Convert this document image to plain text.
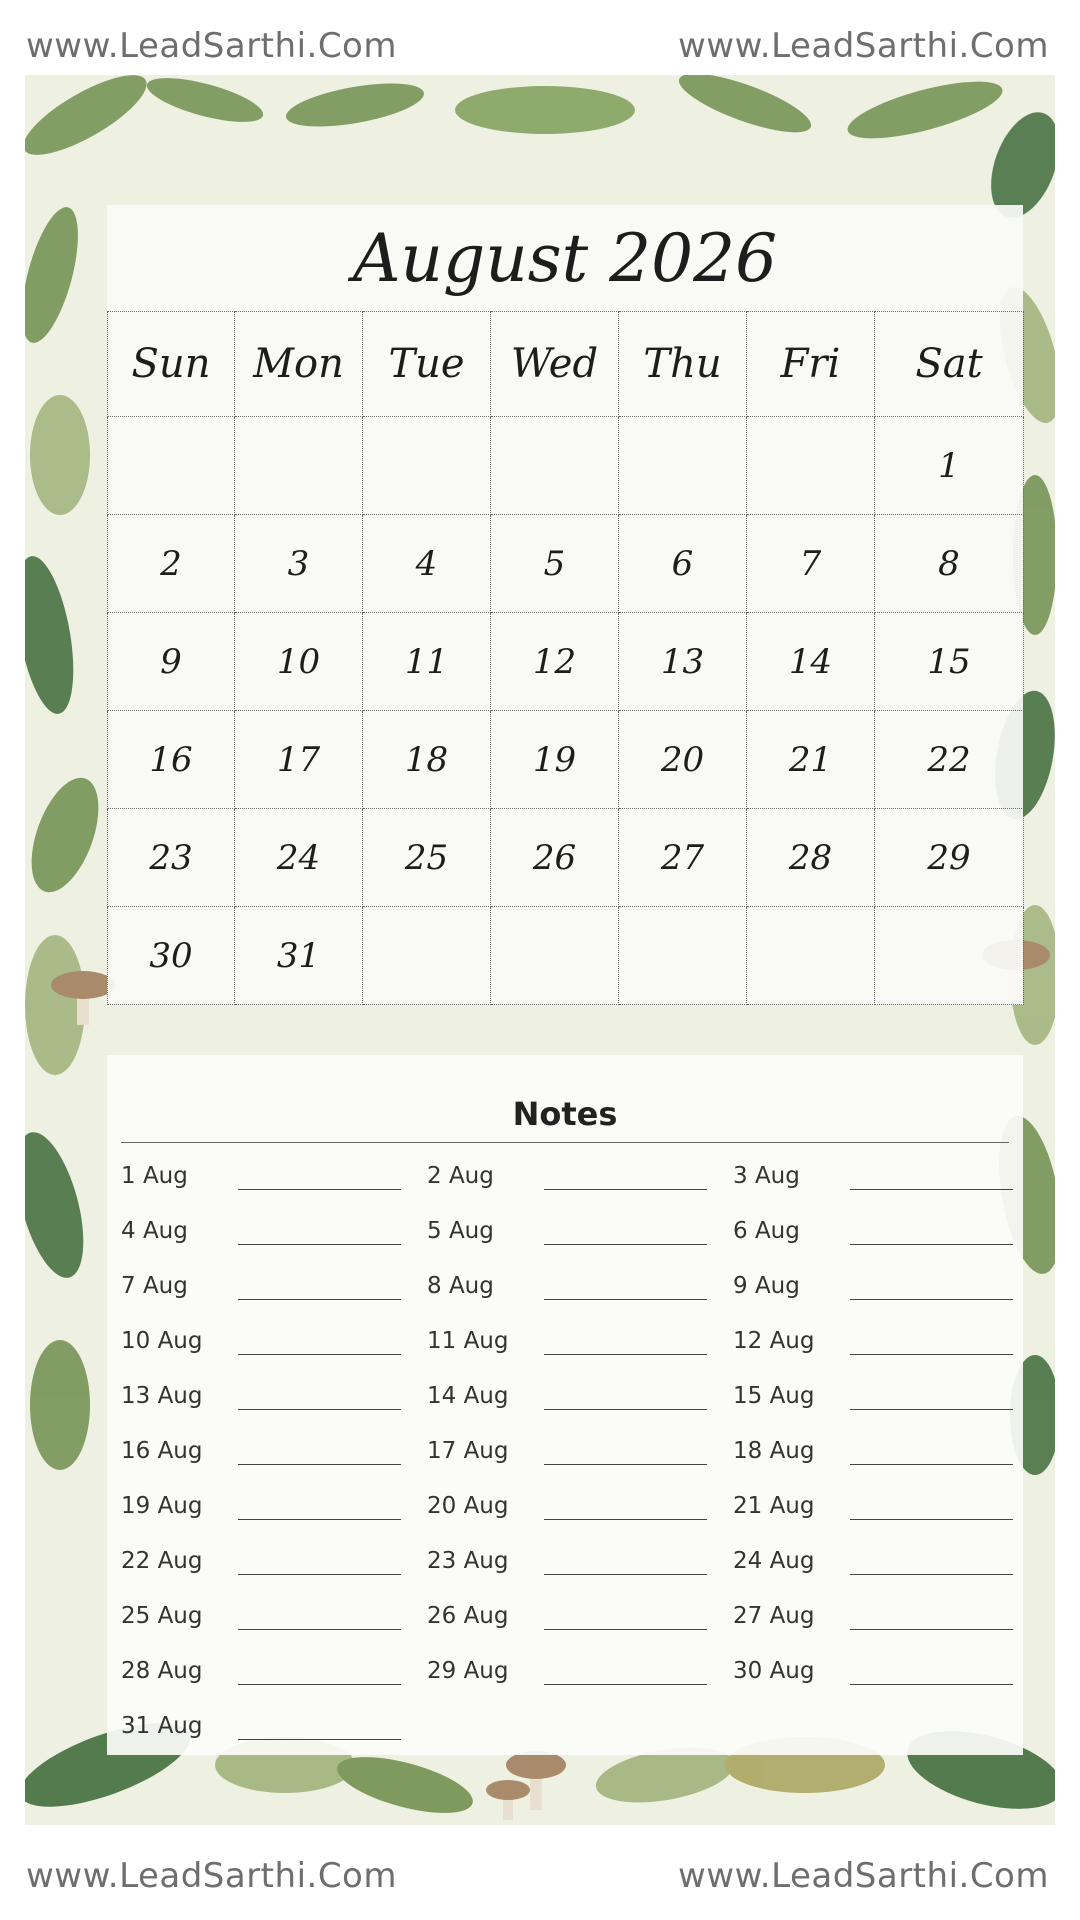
www.LeadSarthi.Com	www.LeadSarthi.Com
August 2026
Sun	Mon	Tue	Wed	Thu	Fri	Sat
						1
2	3	4	5	6	7	8
9	10	11	12	13	14	15
16	17	18	19	20	21	22
23	24	25	26	27	28	29
30	31					
Notes
1 Aug	2 Aug	3 Aug
4 Aug	5 Aug	6 Aug
7 Aug	8 Aug	9 Aug
10 Aug	11 Aug	12 Aug
13 Aug	14 Aug	15 Aug
16 Aug	17 Aug	18 Aug
19 Aug	20 Aug	21 Aug
22 Aug	23 Aug	24 Aug
25 Aug	26 Aug	27 Aug
28 Aug	29 Aug	30 Aug
31 Aug
www.LeadSarthi.Com	www.LeadSarthi.Com
